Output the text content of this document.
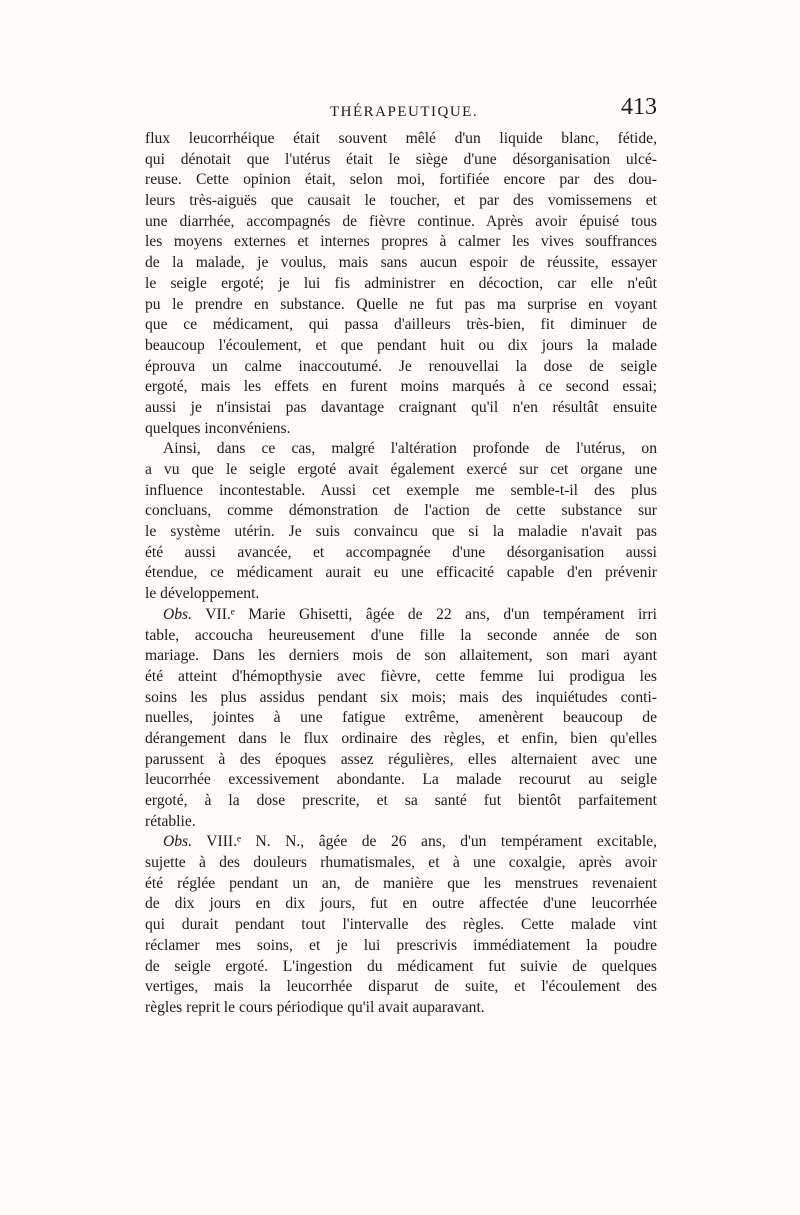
THÉRAPEUTIQUE.	413
flux leucorrhéique était souvent mêlé d'un liquide blanc, fétide,
qui dénotait que l'utérus était le siège d'une désorganisation ulcé-
reuse. Cette opinion était, selon moi, fortifiée encore par des dou-
leurs très-aiguës que causait le toucher, et par des vomissemens et
une diarrhée, accompagnés de fièvre continue. Après avoir épuisé tous
les moyens externes et internes propres à calmer les vives souffrances
de la malade, je voulus, mais sans aucun espoir de réussite, essayer
le seigle ergoté; je lui fis administrer en décoction, car elle n'eût
pu le prendre en substance. Quelle ne fut pas ma surprise en voyant
que ce médicament, qui passa d'ailleurs très-bien, fit diminuer de
beaucoup l'écoulement, et que pendant huit ou dix jours la malade
éprouva un calme inaccoutumé. Je renouvellai la dose de seigle
ergoté, mais les effets en furent moins marqués à ce second essai;
aussi je n'insistai pas davantage craignant qu'il n'en résultât ensuite
quelques inconvéniens.
Ainsi, dans ce cas, malgré l'altération profonde de l'utérus, on
a vu que le seigle ergoté avait également exercé sur cet organe une
influence incontestable. Aussi cet exemple me semble-t-il des plus
concluans, comme démonstration de l'action de cette substance sur
le système utérin. Je suis convaincu que si la maladie n'avait pas
été aussi avancée, et accompagnée d'une désorganisation aussi
étendue, ce médicament aurait eu une efficacité capable d'en prévenir
le développement.
Obs. VII.ᵉ Marie Ghisetti, âgée de 22 ans, d'un tempérament irri
table, accoucha heureusement d'une fille la seconde année de son
mariage. Dans les derniers mois de son allaitement, son mari ayant
été atteint d'hémopthysie avec fièvre, cette femme lui prodigua les
soins les plus assidus pendant six mois; mais des inquiétudes conti-
nuelles, jointes à une fatigue extrême, amenèrent beaucoup de
dérangement dans le flux ordinaire des règles, et enfin, bien qu'elles
parussent à des époques assez régulières, elles alternaient avec une
leucorrhée excessivement abondante. La malade recourut au seigle
ergoté, à la dose prescrite, et sa santé fut bientôt parfaitement
rétablie.
Obs. VIII.ᵉ N. N., âgée de 26 ans, d'un tempérament excitable,
sujette à des douleurs rhumatismales, et à une coxalgie, après avoir
été réglée pendant un an, de manière que les menstrues revenaient
de dix jours en dix jours, fut en outre affectée d'une leucorrhée
qui durait pendant tout l'intervalle des règles. Cette malade vint
réclamer mes soins, et je lui prescrivis immédiatement la poudre
de seigle ergoté. L'ingestion du médicament fut suivie de quelques
vertiges, mais la leucorrhée disparut de suite, et l'écoulement des
règles reprit le cours périodique qu'il avait auparavant.
